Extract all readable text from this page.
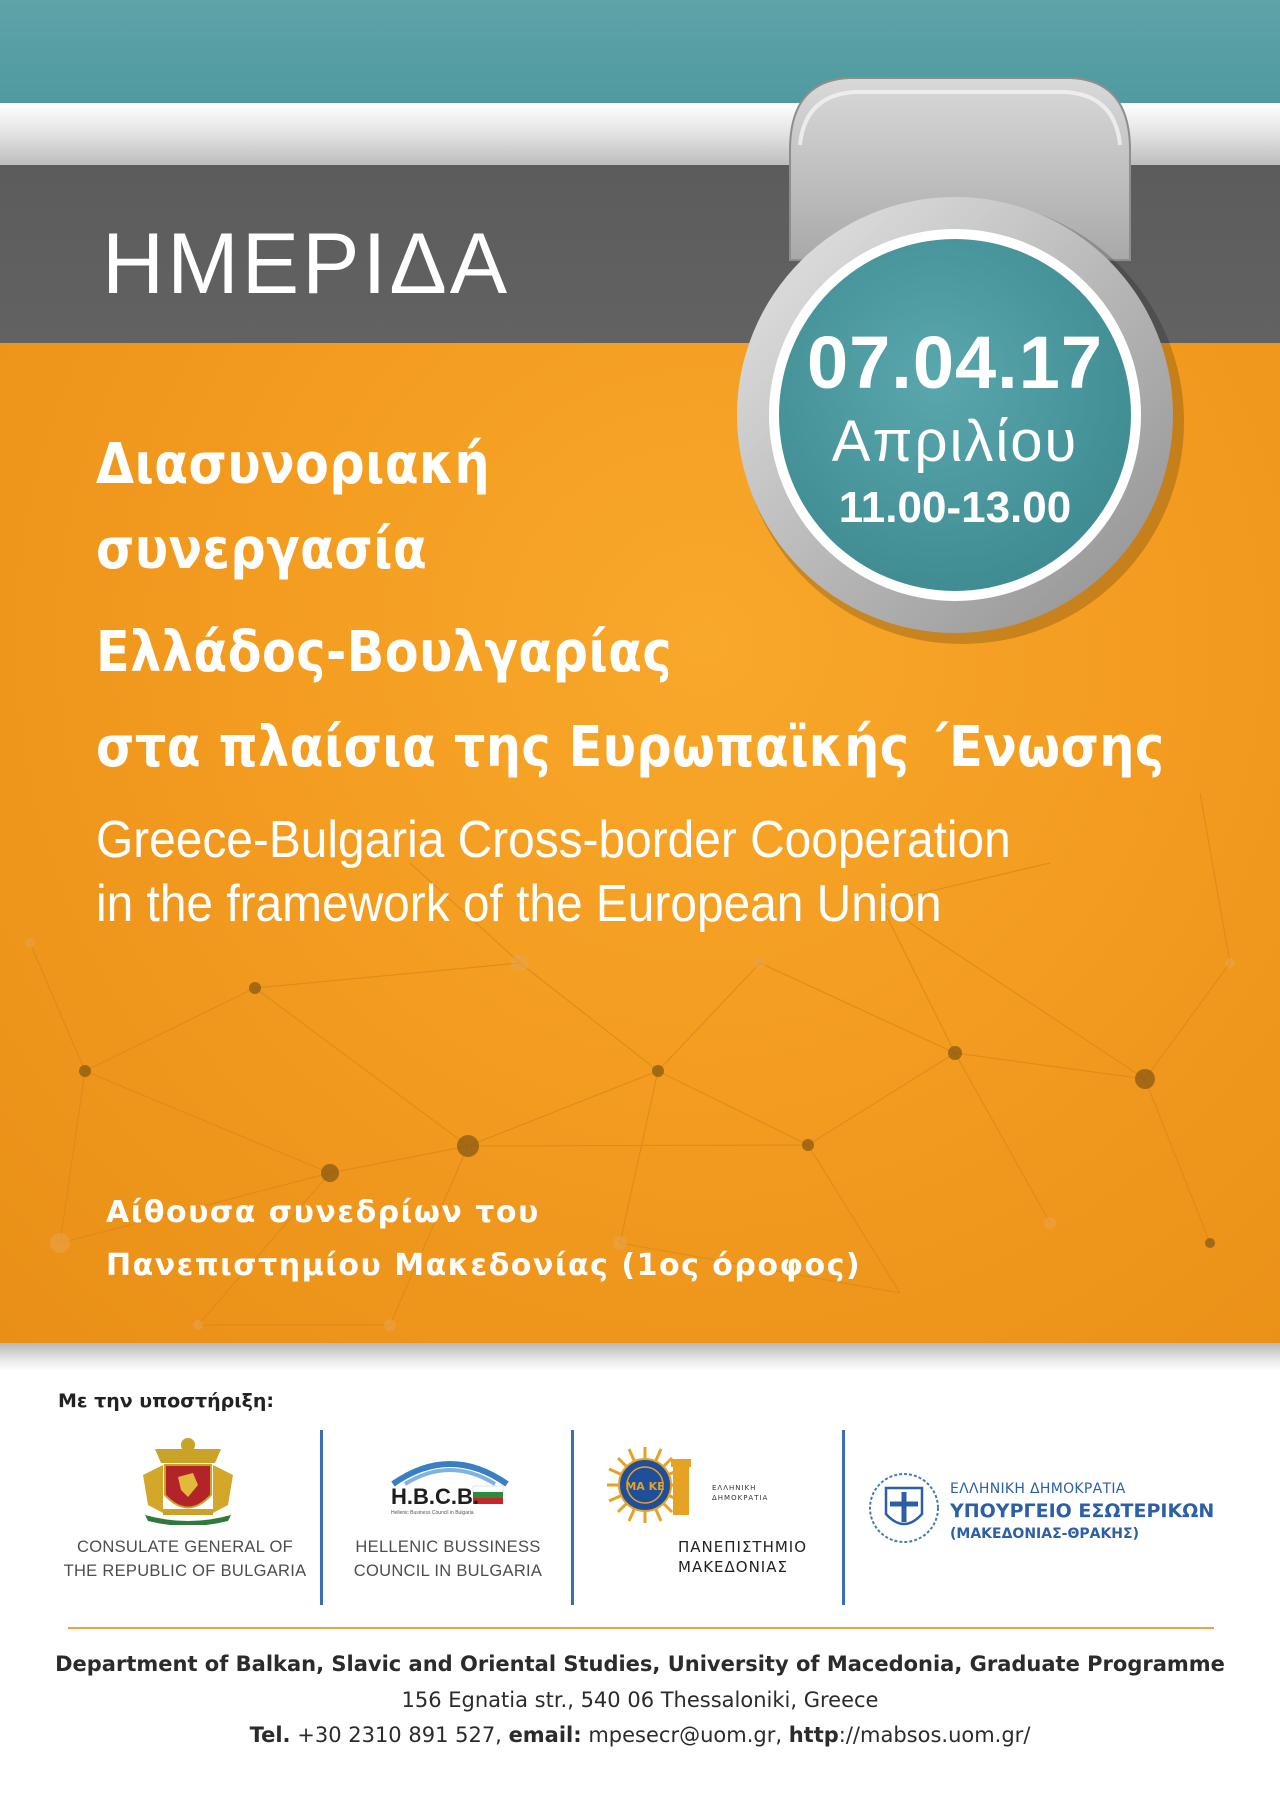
ΗΜΕΡΙΔΑ
07.04.17
Απριλίου
11.00-13.00
Διασυνοριακή
συνεργασία
Ελλάδος-Βουλγαρίας
στα πλαίσια της Ευρωπαϊκής ΄Ενωσης
Greece-Bulgaria Cross-border Cooperation
in the framework of the European Union
Αίθουσα συνεδρίων του
Πανεπιστημίου Μακεδονίας (1ος όροφος)
Με την υποστήριξη:
CONSULATE GENERAL OF
THE REPUBLIC OF BULGARIA
H.B.C.B.
Hellenic Business Council in Bulgaria
HELLENIC BUSSINESS
COUNCIL IN BULGARIA
ΜΑ ΚΕ	ΕΛΛΗΝΙΚΗ
ΔΗΜΟΚΡΑΤΙΑ
ΠΑΝΕΠΙΣΤΗΜΙΟ
ΜΑΚΕΔΟΝΙΑΣ
ΕΛΛΗΝΙΚΗ ΔΗΜΟΚΡΑΤΙΑ
ΥΠΟΥΡΓΕΙΟ ΕΣΩΤΕΡΙΚΩΝ
(ΜΑΚΕΔΟΝΙΑΣ-ΘΡΑΚΗΣ)
Department of Balkan, Slavic and Oriental Studies, University of Macedonia, Graduate Programme
156 Egnatia str., 540 06 Thessaloniki, Greece
Tel. +30 2310 891 527, email: mpesecr@uom.gr, http://mabsos.uom.gr/
